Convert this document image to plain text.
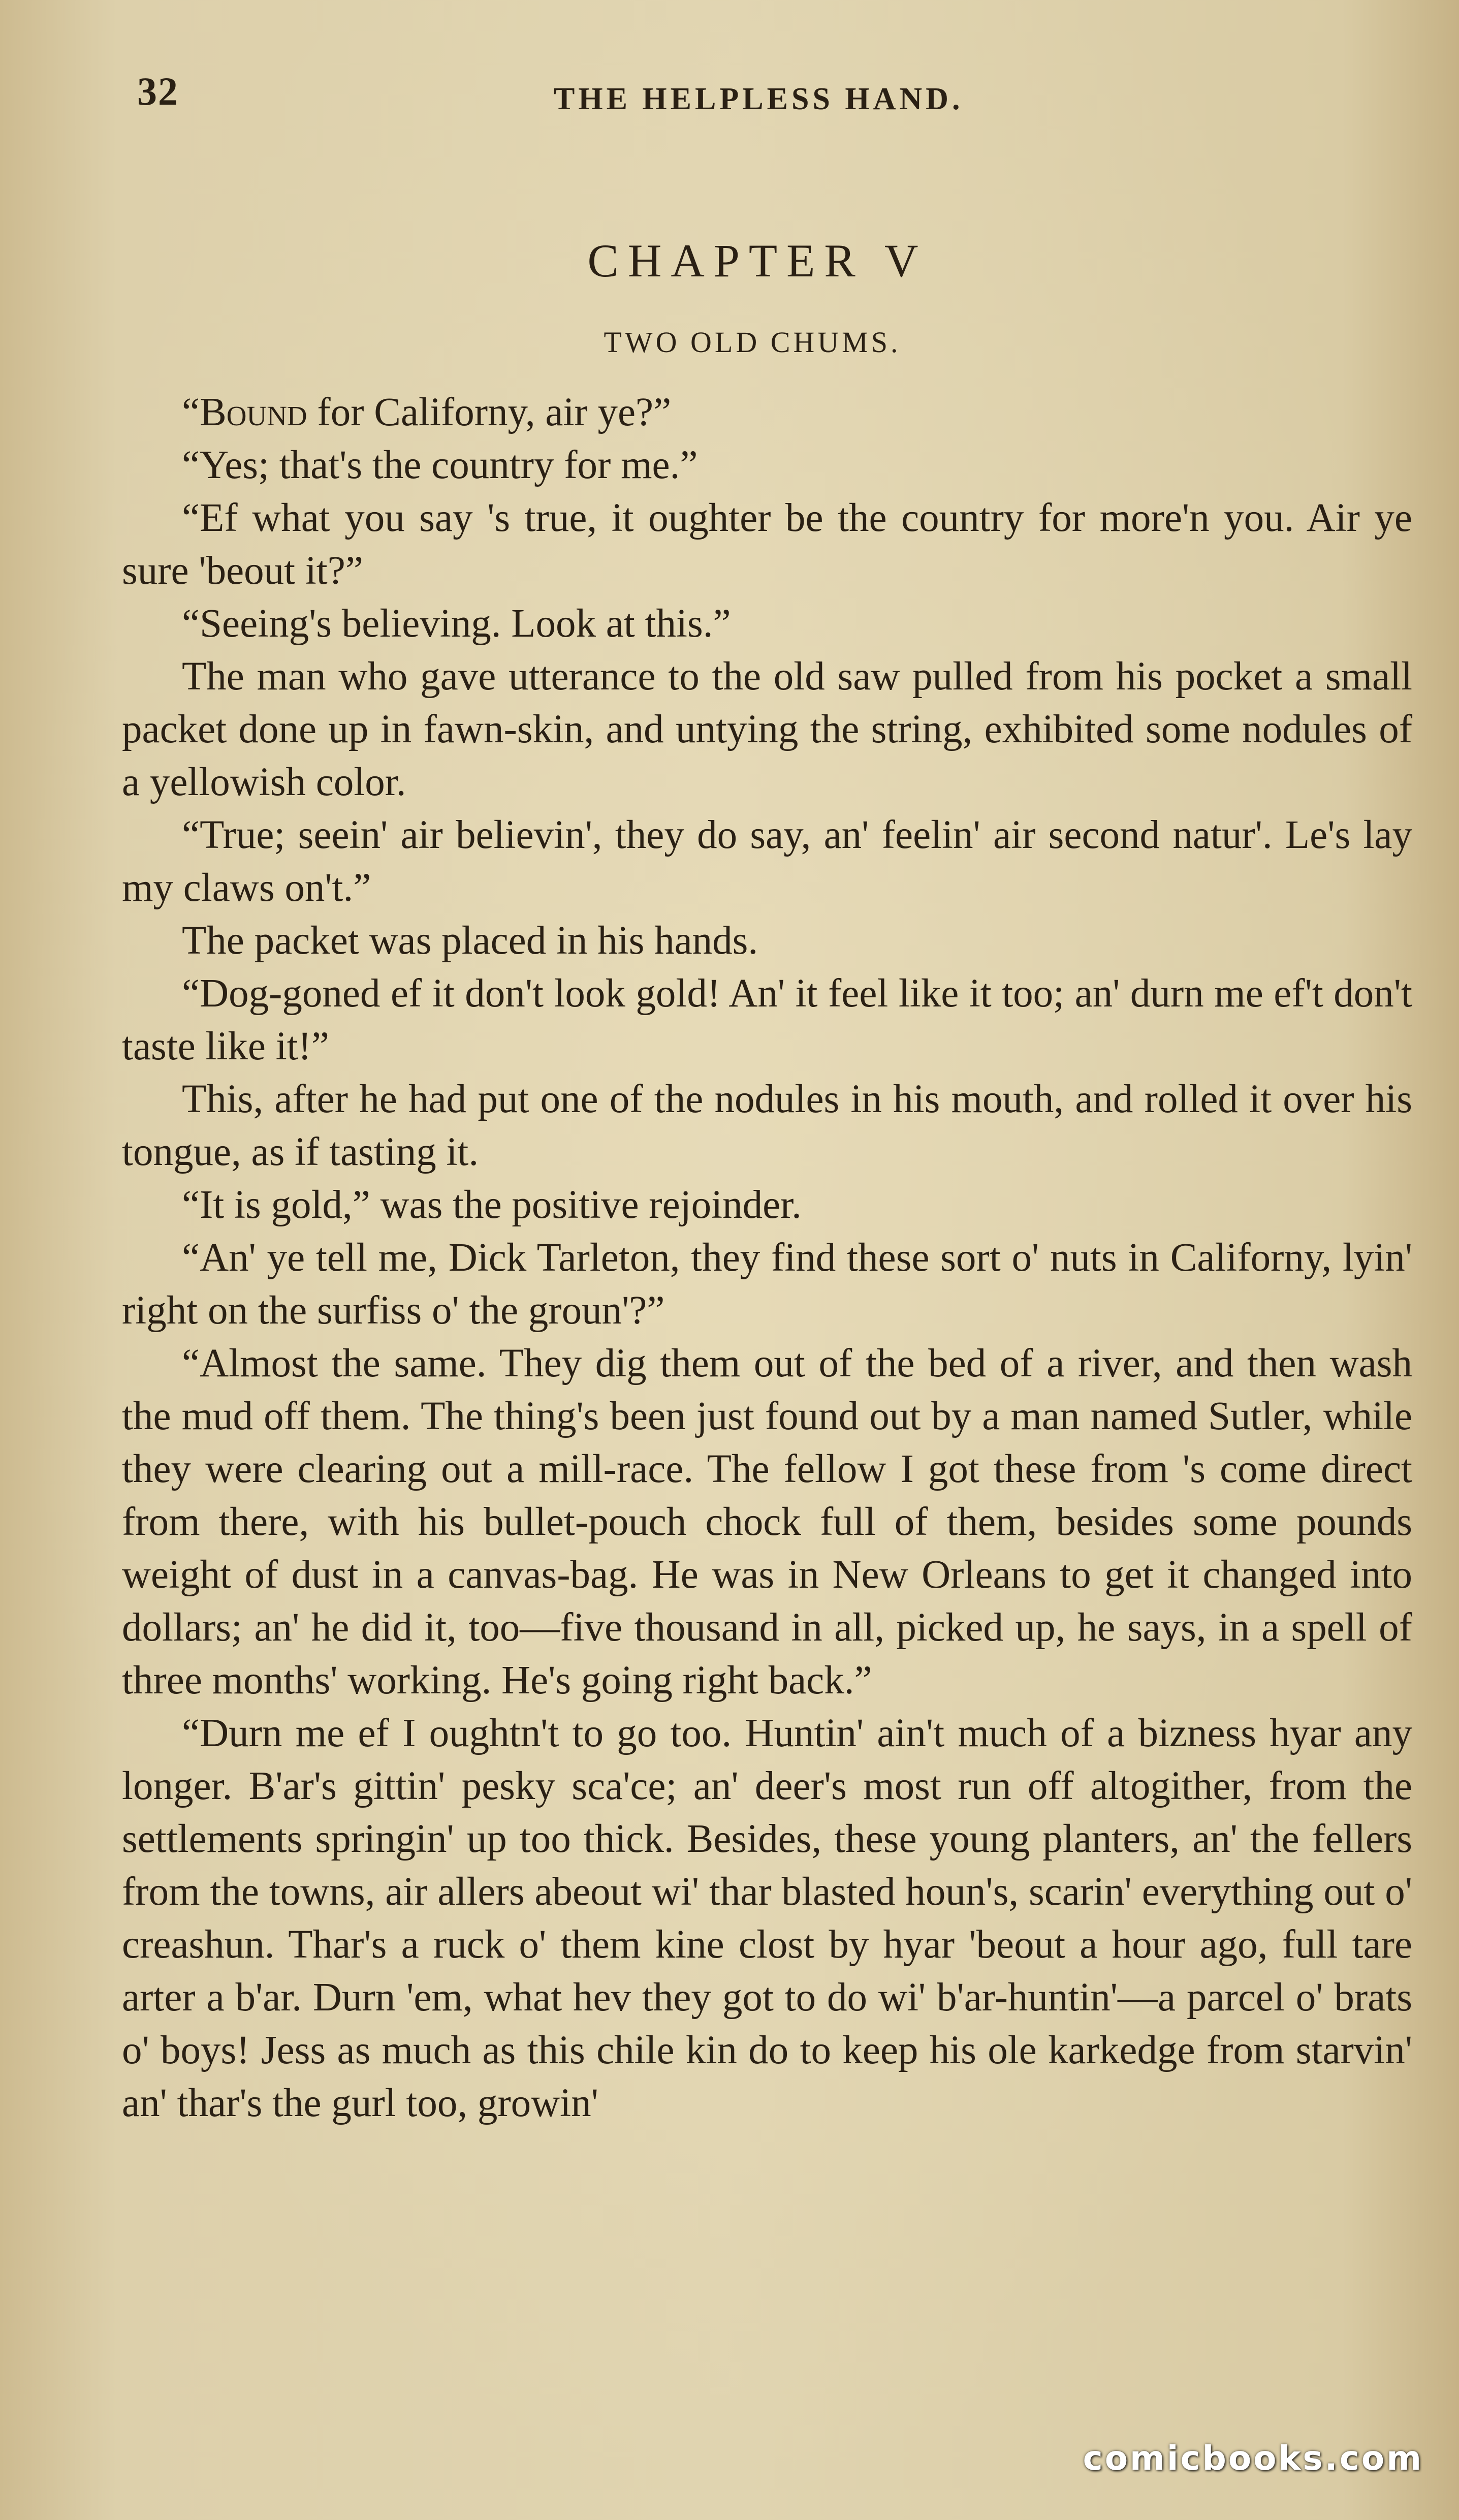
32	THE HELPLESS HAND.
CHAPTER V
TWO OLD CHUMS.

“Bound for Californy, air ye?”

“Yes; that's the country for me.”

“Ef what you say 's true, it oughter be the country for more'n you. Air ye sure 'beout it?”

“Seeing's believing. Look at this.”

The man who gave utterance to the old saw pulled from his pocket a small packet done up in fawn-skin, and untying the string, exhibited some nodules of a yellowish color.

“True; seein' air believin', they do say, an' feelin' air second natur'. Le's lay my claws on't.”

The packet was placed in his hands.

“Dog-goned ef it don't look gold! An' it feel like it too; an' durn me ef't don't taste like it!”

This, after he had put one of the nodules in his mouth, and rolled it over his tongue, as if tasting it.

“It is gold,” was the positive rejoinder.

“An' ye tell me, Dick Tarleton, they find these sort o' nuts in Californy, lyin' right on the surfiss o' the groun'?”

“Almost the same. They dig them out of the bed of a river, and then wash the mud off them. The thing's been just found out by a man named Sutler, while they were clearing out a mill-race. The fellow I got these from 's come direct from there, with his bullet-pouch chock full of them, besides some pounds weight of dust in a canvas-bag. He was in New Orleans to get it changed into dollars; an' he did it, too—five thousand in all, picked up, he says, in a spell of three months' working. He's going right back.”

“Durn me ef I oughtn't to go too. Huntin' ain't much of a bizness hyar any longer. B'ar's gittin' pesky sca'ce; an' deer's most run off altogither, from the settlements springin' up too thick. Besides, these young planters, an' the fellers from the towns, air allers abeout wi' thar blasted houn's, scarin' everything out o' creashun. Thar's a ruck o' them kine clost by hyar 'beout a hour ago, full tare arter a b'ar. Durn 'em, what hev they got to do wi' b'ar-huntin'—a parcel o' brats o' boys! Jess as much as this chile kin do to keep his ole karkedge from starvin' an' thar's the gurl too, growin'

comicbooks.com
